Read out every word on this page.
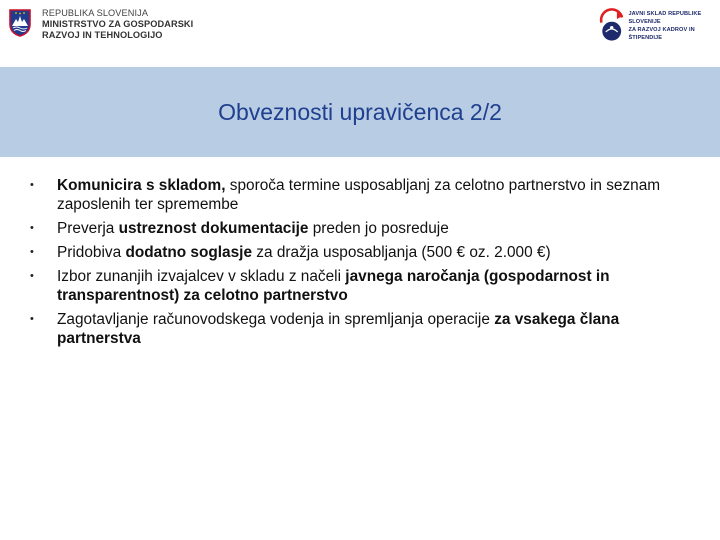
REPUBLIKA SLOVENIJA
MINISTRSTVO ZA GOSPODARSKI
RAZVOJ IN TEHNOLOGIJO
JAVNI SKLAD REPUBLIKE SLOVENIJE
ZA RAZVOJ KADROV IN ŠTIPENDIJE
Obveznosti upravičenca 2/2
• Komunicira s skladom, sporoča termine usposabljanj za celotno partnerstvo in seznam zaposlenih ter spremembe
• Preverja ustreznost dokumentacije preden jo posreduje
• Pridobiva dodatno soglasje za dražja usposabljanja (500 € oz. 2.000 €)
• Izbor zunanjih izvajalcev v skladu z načeli javnega naročanja (gospodarnost in transparentnost) za celotno partnerstvo
• Zagotavljanje računovodskega vodenja in spremljanja operacije za vsakega člana partnerstva
